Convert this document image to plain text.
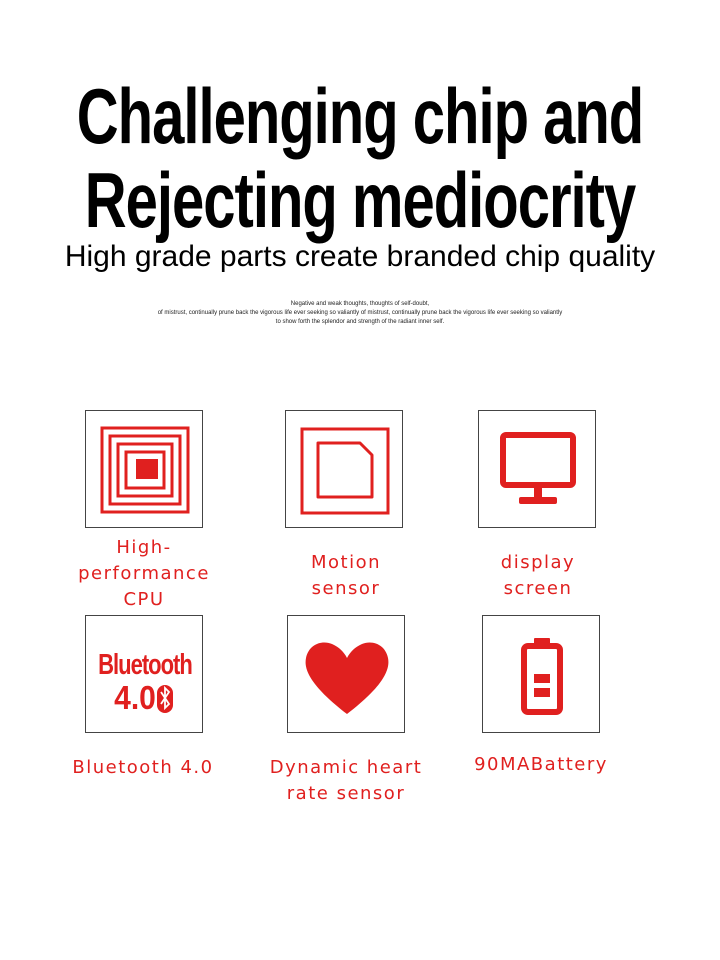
Challenging chip and
Rejecting mediocrity
High grade parts create branded chip quality
Negative and weak thoughts, thoughts of self-doubt,
of mistrust, continually prune back the vigorous life ever seeking so valiantly of mistrust, continually prune back the vigorous life ever seeking so valiantly
to show forth the splendor and strength of the radiant inner self.
High-
performance
CPU
Motion
sensor
display
screen
Bluetooth
4.0
Bluetooth 4.0	Dynamic heart
rate sensor
90MABattery
